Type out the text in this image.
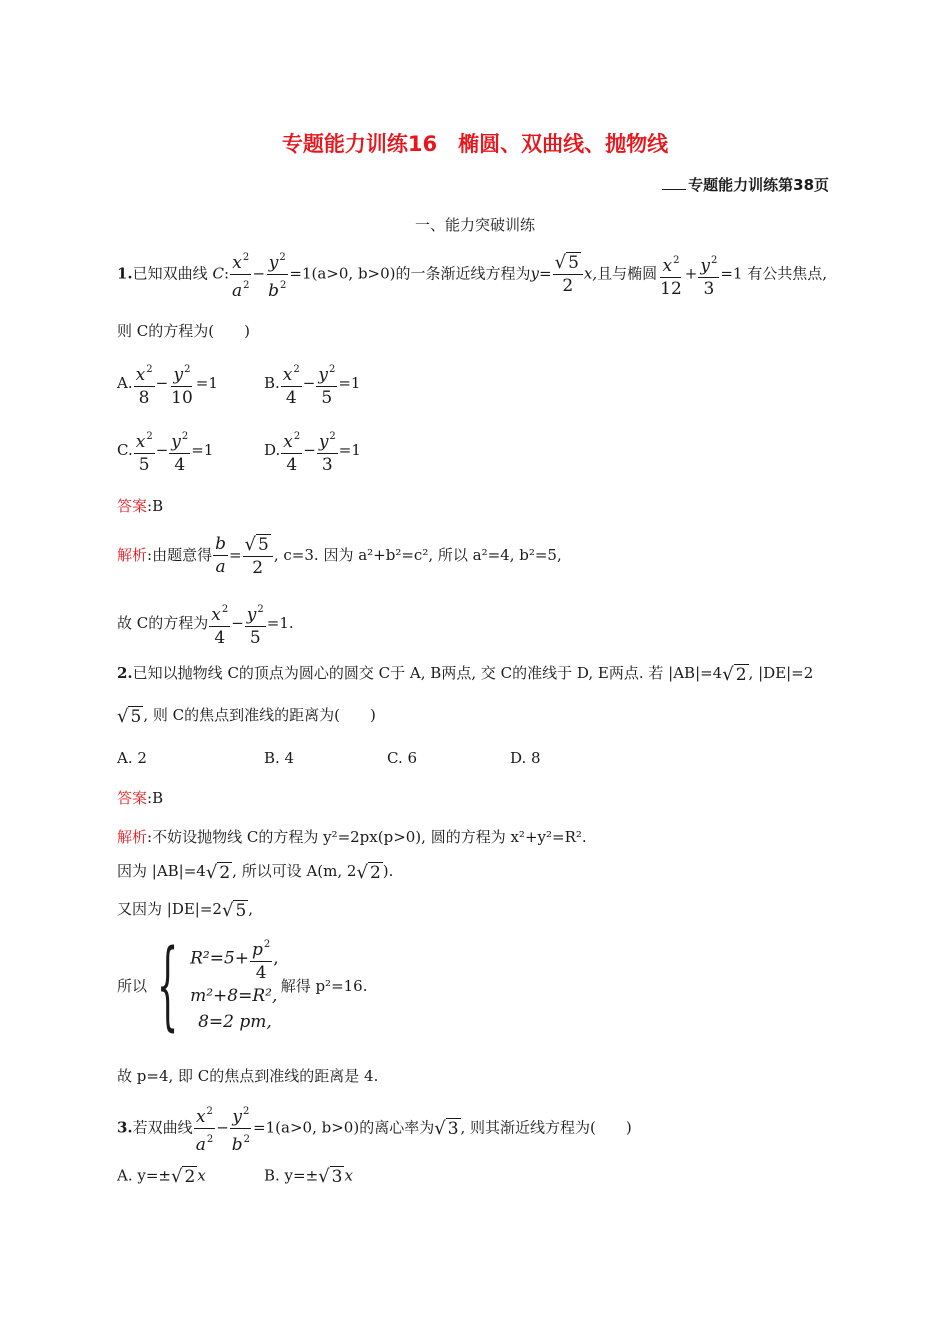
专题能力训练16　椭圆、双曲线、抛物线
专题能力训练第38页
一、能力突破训练
1.已知双曲线 C: $\frac{x^2}{a^2} - \frac{y^2}{b^2} =1(a>0$, b>0)的一条渐近线方程为$y= \frac{√ 5}{2} x$,且与椭圆 $\frac{x^2}{12} + \frac{y^2}{3} =1$ 有公共焦点,
则 C的方程为(　　)
A. $\frac{x^2}{8} - \frac{y^2}{10} =1$	B. $\frac{x^2}{4} - \frac{y^2}{5} =1$
C. $\frac{x^2}{5} - \frac{y^2}{4} =1$	D. $\frac{x^2}{4} - \frac{y^2}{3} =1$
答案:B
解析:由题意得 $\frac{b}{a} = \frac{√ 5}{2}$ , c=3. 因为 a²+b²=c², 所以 a²=4, b²=5,
故 C的方程为 $\frac{x^2}{4} - \frac{y^2}{5} =1$.
2.已知以抛物线 C的顶点为圆心的圆交 C于 A, B两点, 交 C的准线于 D, E两点. 若 |AB|=4√ 2 , |DE|=2
√ 5 , 则 C的焦点到准线的距离为(　　)
A. 2	B. 4	C. 6	D. 8
答案:B
解析:不妨设抛物线 C的方程为 y²=2px(p>0), 圆的方程为 x²+y²=R².
因为 |AB|=4√ 2 , 所以可设 A(m, 2√ 2 ).
又因为 |DE|=2√ 5 ,
所以 { $R^2=5+ \frac{p^2}{4}$ ,
m²+8=R²,
8=2 pm,
解得 p²=16.
故 p=4, 即 C的焦点到准线的距离是 4.
3.若双曲线 $\frac{x^2}{a^2} - \frac{y^2}{b^2} =1(a>0$, b>0)的离心率为√ 3 , 则其渐近线方程为(　　)
A. y=±√ 2 x	B. y=±√ 3 x
